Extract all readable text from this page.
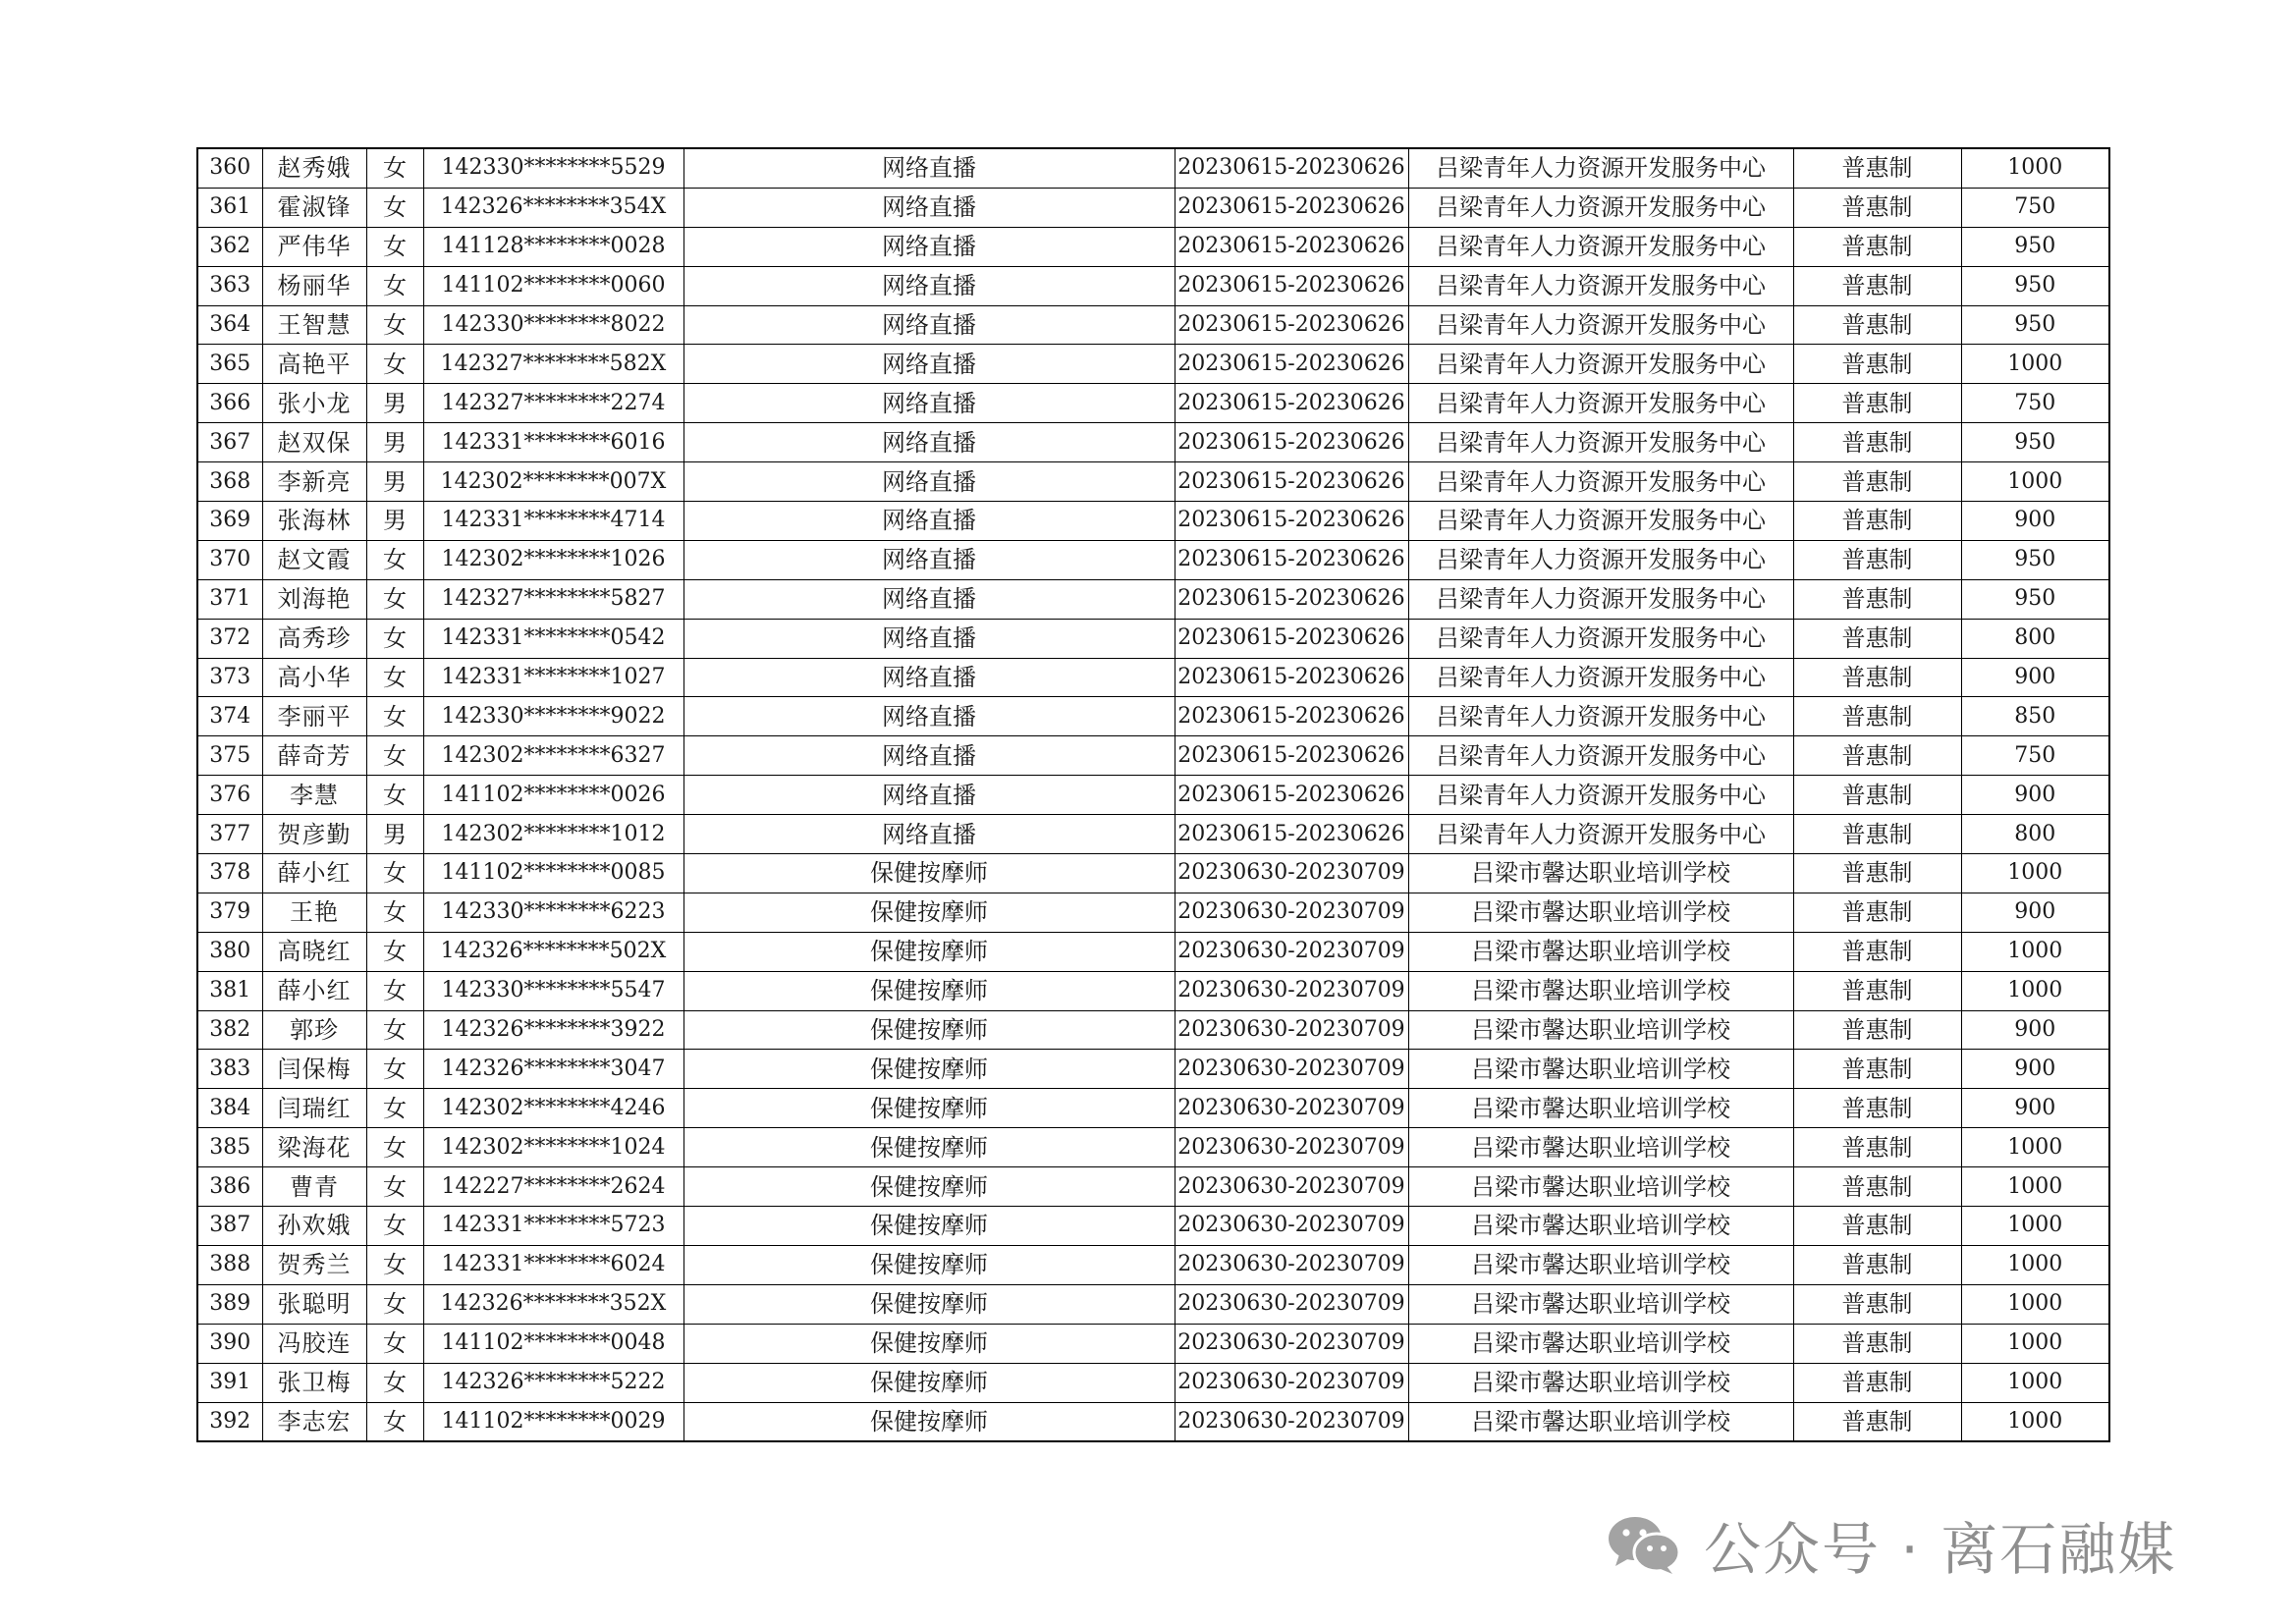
360	赵秀娥	女	142330********5529	网络直播	20230615-20230626	吕梁青年人力资源开发服务中心	普惠制	1000
361	霍淑锋	女	142326********354X	网络直播	20230615-20230626	吕梁青年人力资源开发服务中心	普惠制	750
362	严伟华	女	141128********0028	网络直播	20230615-20230626	吕梁青年人力资源开发服务中心	普惠制	950
363	杨丽华	女	141102********0060	网络直播	20230615-20230626	吕梁青年人力资源开发服务中心	普惠制	950
364	王智慧	女	142330********8022	网络直播	20230615-20230626	吕梁青年人力资源开发服务中心	普惠制	950
365	高艳平	女	142327********582X	网络直播	20230615-20230626	吕梁青年人力资源开发服务中心	普惠制	1000
366	张小龙	男	142327********2274	网络直播	20230615-20230626	吕梁青年人力资源开发服务中心	普惠制	750
367	赵双保	男	142331********6016	网络直播	20230615-20230626	吕梁青年人力资源开发服务中心	普惠制	950
368	李新亮	男	142302********007X	网络直播	20230615-20230626	吕梁青年人力资源开发服务中心	普惠制	1000
369	张海林	男	142331********4714	网络直播	20230615-20230626	吕梁青年人力资源开发服务中心	普惠制	900
370	赵文霞	女	142302********1026	网络直播	20230615-20230626	吕梁青年人力资源开发服务中心	普惠制	950
371	刘海艳	女	142327********5827	网络直播	20230615-20230626	吕梁青年人力资源开发服务中心	普惠制	950
372	高秀珍	女	142331********0542	网络直播	20230615-20230626	吕梁青年人力资源开发服务中心	普惠制	800
373	高小华	女	142331********1027	网络直播	20230615-20230626	吕梁青年人力资源开发服务中心	普惠制	900
374	李丽平	女	142330********9022	网络直播	20230615-20230626	吕梁青年人力资源开发服务中心	普惠制	850
375	薛奇芳	女	142302********6327	网络直播	20230615-20230626	吕梁青年人力资源开发服务中心	普惠制	750
376	李慧	女	141102********0026	网络直播	20230615-20230626	吕梁青年人力资源开发服务中心	普惠制	900
377	贺彦勤	男	142302********1012	网络直播	20230615-20230626	吕梁青年人力资源开发服务中心	普惠制	800
378	薛小红	女	141102********0085	保健按摩师	20230630-20230709	吕梁市馨达职业培训学校	普惠制	1000
379	王艳	女	142330********6223	保健按摩师	20230630-20230709	吕梁市馨达职业培训学校	普惠制	900
380	高晓红	女	142326********502X	保健按摩师	20230630-20230709	吕梁市馨达职业培训学校	普惠制	1000
381	薛小红	女	142330********5547	保健按摩师	20230630-20230709	吕梁市馨达职业培训学校	普惠制	1000
382	郭珍	女	142326********3922	保健按摩师	20230630-20230709	吕梁市馨达职业培训学校	普惠制	900
383	闫保梅	女	142326********3047	保健按摩师	20230630-20230709	吕梁市馨达职业培训学校	普惠制	900
384	闫瑞红	女	142302********4246	保健按摩师	20230630-20230709	吕梁市馨达职业培训学校	普惠制	900
385	梁海花	女	142302********1024	保健按摩师	20230630-20230709	吕梁市馨达职业培训学校	普惠制	1000
386	曹青	女	142227********2624	保健按摩师	20230630-20230709	吕梁市馨达职业培训学校	普惠制	1000
387	孙欢娥	女	142331********5723	保健按摩师	20230630-20230709	吕梁市馨达职业培训学校	普惠制	1000
388	贺秀兰	女	142331********6024	保健按摩师	20230630-20230709	吕梁市馨达职业培训学校	普惠制	1000
389	张聪明	女	142326********352X	保健按摩师	20230630-20230709	吕梁市馨达职业培训学校	普惠制	1000
390	冯胶连	女	141102********0048	保健按摩师	20230630-20230709	吕梁市馨达职业培训学校	普惠制	1000
391	张卫梅	女	142326********5222	保健按摩师	20230630-20230709	吕梁市馨达职业培训学校	普惠制	1000
392	李志宏	女	141102********0029	保健按摩师	20230630-20230709	吕梁市馨达职业培训学校	普惠制	1000
公众号 · 离石融媒
